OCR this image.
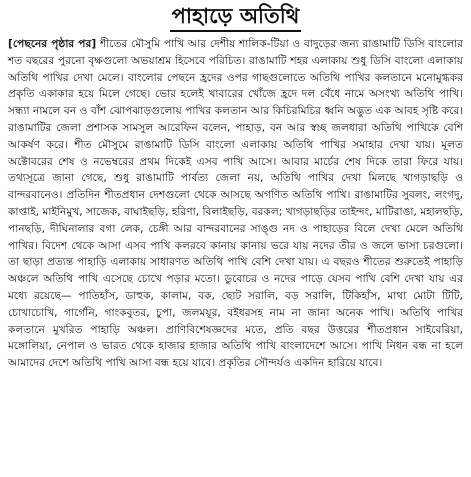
পাহাড়ে অতিথি
[পেছনের পৃষ্ঠার পর] শীতের মৌসুমি পাখি আর দেশীয় শালিক-টিয়া ও বাদুড়ের জন্য রাঙামাটি ডিসি বাংলোর শত বছরের পুরনো বৃক্ষগুলো অভয়াশ্রম হিসেবে পরিচিত। রাঙামাটি শহর এলাকায় শুধু ডিসি বাংলো এলাকায় অতিথি পাখির দেখা মেলে। বাংলোর পেছনে হ্রদের ওপর গাছগুলোতে অতিথি পাখির কলতানে মনোমুগ্ধকর প্রকৃতি একাকার হয়ে মিলে গেছে। ভোর হলেই খাবারের খোঁজে হ্রদে দল বেঁধে নামে অসংখ্য অতিথি পাখি। সন্ধ্যা নামলে বন ও বাঁশ ঝোপঝাড়গুলোয় পাখির কলতান আর কিচিরমিচির ধ্বনি অদ্ভুত এক আবহ সৃষ্টি করে। রাঙামাটির জেলা প্রশাসক সামসুল আরেফিন বলেন, পাহাড়, বন আর স্বচ্ছ জলধারা অতিথি পাখিকে বেশি আকর্ষণ করে। শীত মৌসুমে রাঙামাটি ডিসি বাংলো এলাকায় অতিথি পাখির সমাহার দেখা যায়। মূলত অক্টোবরের শেষ ও নভেম্বরের প্রথম দিকেই এসব পাখি আসে। আবার মার্চের শেষ দিকে তারা ফিরে যায়। তথ্যসূত্রে জানা গেছে, শুধু রাঙামাটি পার্বত্য জেলা নয়, অতিথি পাখির দেখা মিলছে খাগড়াছড়ি ও বান্দরবানেও। প্রতিদিন শীতপ্রধান দেশগুলো থেকে আসছে অগণিত অতিথি পাখি। রাঙামাটির সুবলং, লংগদু, কাপ্তাই, মাইনিমুখ, সাজেক, বাঘাইছড়ি, হরিণা, বিলাইছড়ি, বরকল; খাগড়াছড়ির তাইন্দং, মাটিরাঙা, মহালছড়ি, পানছড়ি, দীঘিনালার বগা লেক, চেঙ্গী আর বান্দরবানের সাঙ্গু নদ ও পাহাড়ের বিলে দেখা মেলে অতিথি পাখির। বিদেশ থেকে আসা এসব পাখি কলরবে কানায় কানায় ভরে যায় নদের তীর ও জলে ভাসা চরগুলো। তা ছাড়া প্রত্যন্ত পাহাড়ি এলাকায় সাধারণত অতিথি পাখি বেশি দেখা যায়। এ বছরও শীতের শুরুতেই পাহাড়ি অঞ্চলে অতিথি পাখি এসেছে চোখে পড়ার মতো। ডুবোচর ও নদের পাড়ে যেসব পাখি বেশি দেখা যায় এর মধ্যে রয়েছে— পাতিহাঁস, ডাহুক, কালাম, বক, ছোট সরালি, বড় সরালি, টিকিহাঁস, মাথা মোটা টিটি, চোখাচোখি, গার্গেনি, গাংকবুতর, চুপা, জলময়ূর, বইধরসহ নাম না জানা অনেক পাখি। অতিথি পাখির কলতানে মুখরিত পাহাড়ি অঞ্চল। প্রাণিবিশেষজ্ঞদের মতে, প্রতি বছর উত্তরের শীতপ্রধান সাইবেরিয়া, মঙ্গোলিয়া, নেপাল ও ভারত থেকে হাজার হাজার অতিথি পাখি বাংলাদেশে আসে। পাখি নিধন বন্ধ না হলে আমাদের দেশে অতিথি পাখি আসা বন্ধ হয়ে যাবে। প্রকৃতির সৌন্দর্যও একদিন হারিয়ে যাবে।
